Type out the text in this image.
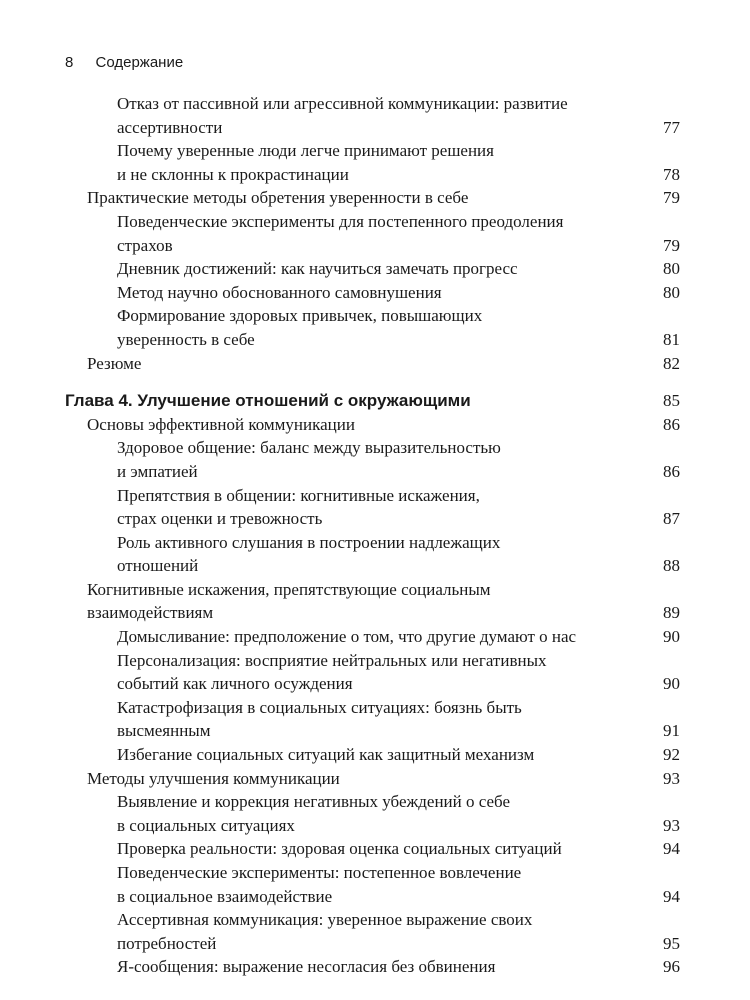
8 Содержание
Отказ от пассивной или агрессивной коммуникации: развитие
ассертивности	77
Почему уверенные люди легче принимают решения
и не склонны к прокрастинации	78
Практические методы обретения уверенности в себе	79
Поведенческие эксперименты для постепенного преодоления
страхов	79
Дневник достижений: как научиться замечать прогресс	80
Метод научно обоснованного самовнушения	80
Формирование здоровых привычек, повышающих
уверенность в себе	81
Резюме	82
Глава 4. Улучшение отношений с окружающими	85
Основы эффективной коммуникации	86
Здоровое общение: баланс между выразительностью
и эмпатией	86
Препятствия в общении: когнитивные искажения,
страх оценки и тревожность	87
Роль активного слушания в построении надлежащих
отношений	88
Когнитивные искажения, препятствующие социальным
взаимодействиям	89
Домысливание: предположение о том, что другие думают о нас	90
Персонализация: восприятие нейтральных или негативных
событий как личного осуждения	90
Катастрофизация в социальных ситуациях: боязнь быть
высмеянным	91
Избегание социальных ситуаций как защитный механизм	92
Методы улучшения коммуникации	93
Выявление и коррекция негативных убеждений о себе
в социальных ситуациях	93
Проверка реальности: здоровая оценка социальных ситуаций	94
Поведенческие эксперименты: постепенное вовлечение
в социальное взаимодействие	94
Ассертивная коммуникация: уверенное выражение своих
потребностей	95
Я-сообщения: выражение несогласия без обвинения	96
